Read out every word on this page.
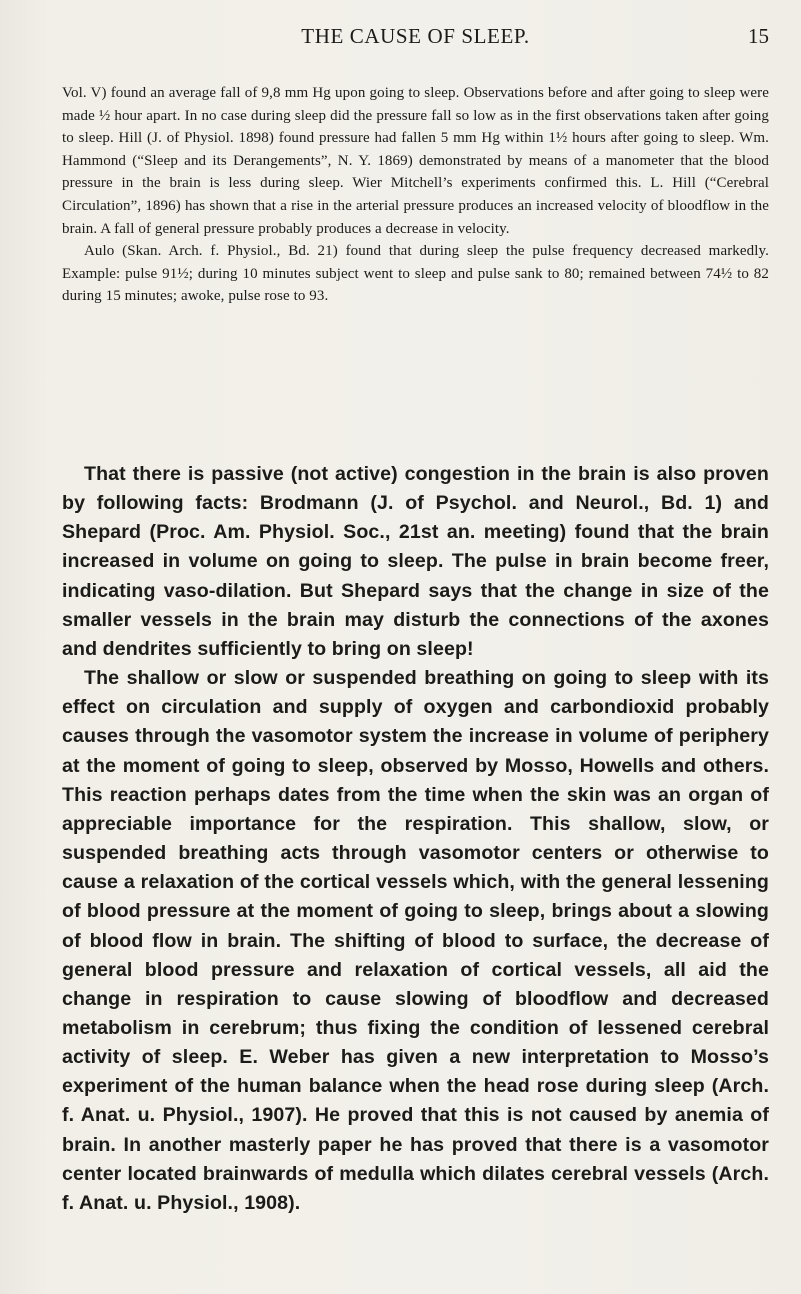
THE CAUSE OF SLEEP.	15

Vol. V) found an average fall of 9,8 mm Hg upon going to sleep. Observations before and after going to sleep were made ½ hour apart. In no case during sleep did the pressure fall so low as in the first observations taken after going to sleep. Hill (J. of Physiol. 1898) found pressure had fallen 5 mm Hg within 1½ hours after going to sleep. Wm. Hammond (“Sleep and its Derangements”, N. Y. 1869) demonstrated by means of a manometer that the blood pressure in the brain is less during sleep. Wier Mitchell’s experiments confirmed this. L. Hill (“Cerebral Circulation”, 1896) has shown that a rise in the arterial pressure produces an increased velocity of bloodflow in the brain. A fall of general pressure probably produces a decrease in velocity.

Aulo (Skan. Arch. f. Physiol., Bd. 21) found that during sleep the pulse frequency decreased markedly. Example: pulse 91½; during 10 minutes subject went to sleep and pulse sank to 80; remained between 74½ to 82 during 15 minutes; awoke, pulse rose to 93.

That there is passive (not active) congestion in the brain is also proven by following facts: Brodmann (J. of Psychol. and Neurol., Bd. 1) and Shepard (Proc. Am. Physiol. Soc., 21st an. meeting) found that the brain increased in volume on going to sleep. The pulse in brain become freer, indicating vaso-dilation. But Shepard says that the change in size of the smaller vessels in the brain may disturb the connections of the axones and dendrites sufficiently to bring on sleep!

The shallow or slow or suspended breathing on going to sleep with its effect on circulation and supply of oxygen and carbondioxid probably causes through the vasomotor system the increase in volume of periphery at the moment of going to sleep, observed by Mosso, Howells and others. This reaction perhaps dates from the time when the skin was an organ of appreciable importance for the respiration. This shallow, slow, or suspended breathing acts through vasomotor centers or otherwise to cause a relaxation of the cortical vessels which, with the general lessening of blood pressure at the moment of going to sleep, brings about a slowing of blood flow in brain. The shifting of blood to surface, the decrease of general blood pressure and relaxation of cortical vessels, all aid the change in respiration to cause slowing of bloodflow and decreased metabolism in cerebrum; thus fixing the condition of lessened cerebral activity of sleep. E. Weber has given a new interpretation to Mosso’s experiment of the human balance when the head rose during sleep (Arch. f. Anat. u. Physiol., 1907). He proved that this is not caused by anemia of brain. In another masterly paper he has proved that there is a vasomotor center located brainwards of medulla which dilates cerebral vessels (Arch. f. Anat. u. Physiol., 1908).
